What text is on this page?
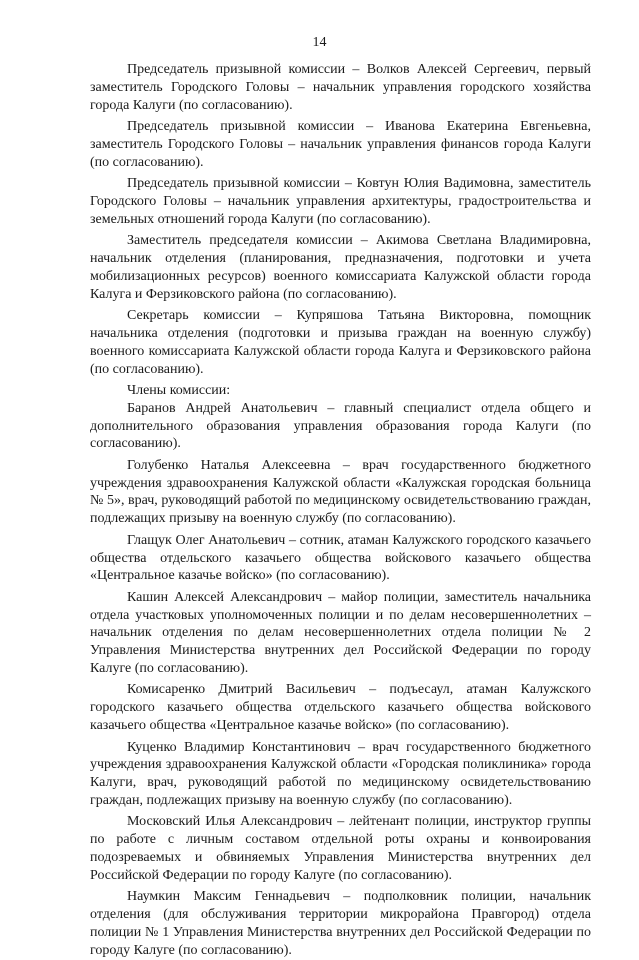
14

Председатель призывной комиссии – Волков Алексей Сергеевич, первый заместитель Городского Головы – начальник управления городского хозяйства города Калуги (по согласованию).

Председатель призывной комиссии – Иванова Екатерина Евгеньевна, заместитель Городского Головы – начальник управления финансов города Калуги (по согласованию).

Председатель призывной комиссии – Ковтун Юлия Вадимовна, заместитель Городского Головы – начальник управления архитектуры, градостроительства и земельных отношений города Калуги (по согласованию).

Заместитель председателя комиссии – Акимова Светлана Владимировна, начальник отделения (планирования, предназначения, подготовки и учета мобилизационных ресурсов) военного комиссариата Калужской области города Калуга и Ферзиковского района (по согласованию).

Секретарь комиссии – Купряшова Татьяна Викторовна, помощник начальника отделения (подготовки и призыва граждан на военную службу) военного комиссариата Калужской области города Калуга и Ферзиковского района (по согласованию).

Члены комиссии:

Баранов Андрей Анатольевич – главный специалист отдела общего и дополнительного образования управления образования города Калуги (по согласованию).

Голубенко Наталья Алексеевна – врач государственного бюджетного учреждения здравоохранения Калужской области «Калужская городская больница № 5», врач, руководящий работой по медицинскому освидетельствованию граждан, подлежащих призыву на военную службу (по согласованию).

Глащук Олег Анатольевич – сотник, атаман Калужского городского казачьего общества отдельского казачьего общества войскового казачьего общества «Центральное казачье войско» (по согласованию).

Кашин Алексей Александрович – майор полиции, заместитель начальника отдела участковых уполномоченных полиции и по делам несовершеннолетних – начальник отделения по делам несовершеннолетних отдела полиции № 2 Управления Министерства внутренних дел Российской Федерации по городу Калуге (по согласованию).

Комисаренко Дмитрий Васильевич – подъесаул, атаман Калужского городского казачьего общества отдельского казачьего общества войскового казачьего общества «Центральное казачье войско» (по согласованию).

Куценко Владимир Константинович – врач государственного бюджетного учреждения здравоохранения Калужской области «Городская поликлиника» города Калуги, врач, руководящий работой по медицинскому освидетельствованию граждан, подлежащих призыву на военную службу (по согласованию).

Московский Илья Александрович – лейтенант полиции, инструктор группы по работе с личным составом отдельной роты охраны и конвоирования подозреваемых и обвиняемых Управления Министерства внутренних дел Российской Федерации по городу Калуге (по согласованию).

Наумкин Максим Геннадьевич – подполковник полиции, начальник отделения (для обслуживания территории микрорайона Правгород) отдела полиции № 1 Управления Министерства внутренних дел Российской Федерации по городу Калуге (по согласованию).
